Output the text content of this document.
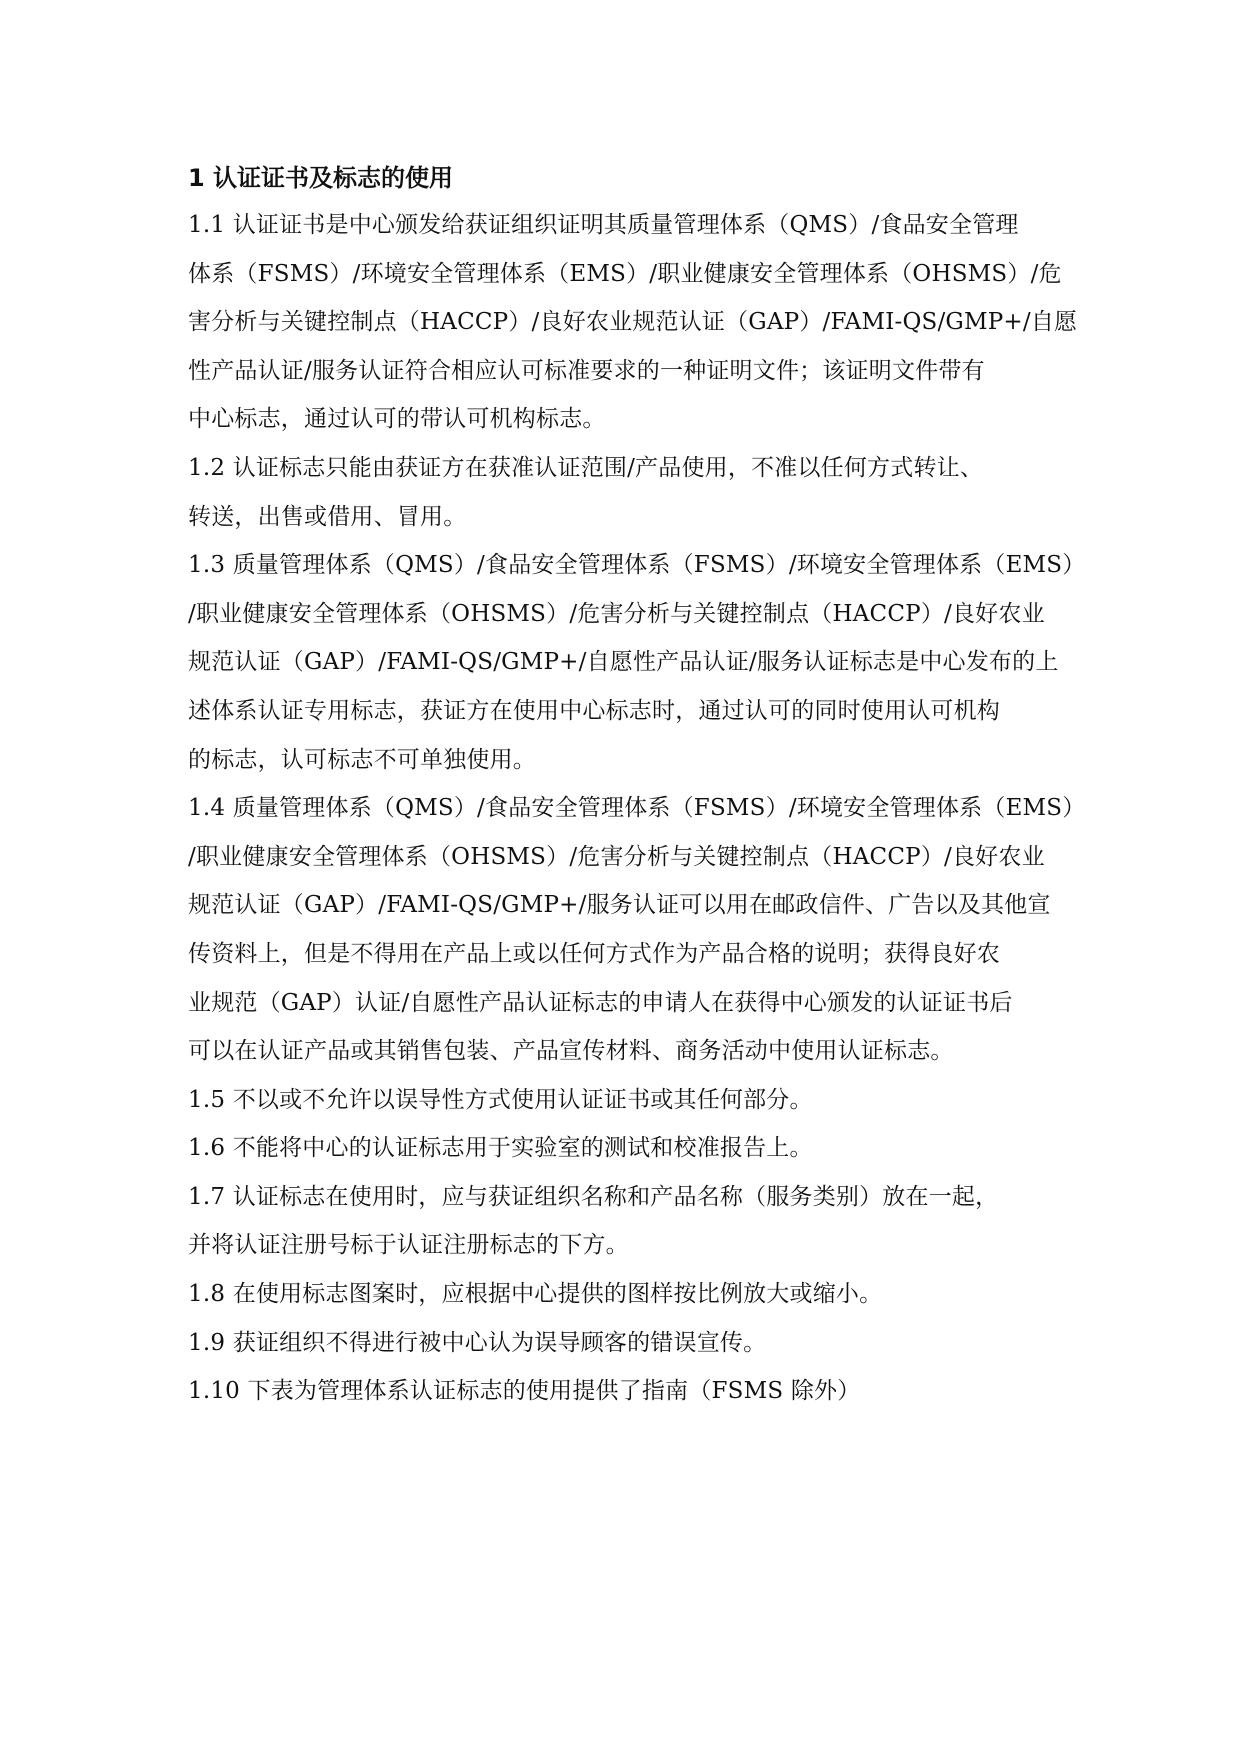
1 认证证书及标志的使用

1.1 认证证书是中心颁发给获证组织证明其质量管理体系（QMS）/食品安全管理
体系（FSMS）/环境安全管理体系（EMS）/职业健康安全管理体系（OHSMS）/危
害分析与关键控制点（HACCP）/良好农业规范认证（GAP）/FAMI-QS/GMP+/自愿
性产品认证/服务认证符合相应认可标准要求的一种证明文件；该证明文件带有
中心标志，通过认可的带认可机构标志。

1.2 认证标志只能由获证方在获准认证范围/产品使用，不准以任何方式转让、
转送，出售或借用、冒用。

1.3 质量管理体系（QMS）/食品安全管理体系（FSMS）/环境安全管理体系（EMS）
/职业健康安全管理体系（OHSMS）/危害分析与关键控制点（HACCP）/良好农业
规范认证（GAP）/FAMI-QS/GMP+/自愿性产品认证/服务认证标志是中心发布的上
述体系认证专用标志，获证方在使用中心标志时，通过认可的同时使用认可机构
的标志，认可标志不可单独使用。

1.4 质量管理体系（QMS）/食品安全管理体系（FSMS）/环境安全管理体系（EMS）
/职业健康安全管理体系（OHSMS）/危害分析与关键控制点（HACCP）/良好农业
规范认证（GAP）/FAMI-QS/GMP+/服务认证可以用在邮政信件、广告以及其他宣
传资料上，但是不得用在产品上或以任何方式作为产品合格的说明；获得良好农
业规范（GAP）认证/自愿性产品认证标志的申请人在获得中心颁发的认证证书后
可以在认证产品或其销售包装、产品宣传材料、商务活动中使用认证标志。

1.5 不以或不允许以误导性方式使用认证证书或其任何部分。

1.6 不能将中心的认证标志用于实验室的测试和校准报告上。

1.7 认证标志在使用时，应与获证组织名称和产品名称（服务类别）放在一起，
并将认证注册号标于认证注册标志的下方。

1.8 在使用标志图案时，应根据中心提供的图样按比例放大或缩小。

1.9 获证组织不得进行被中心认为误导顾客的错误宣传。

1.10 下表为管理体系认证标志的使用提供了指南（FSMS 除外）
